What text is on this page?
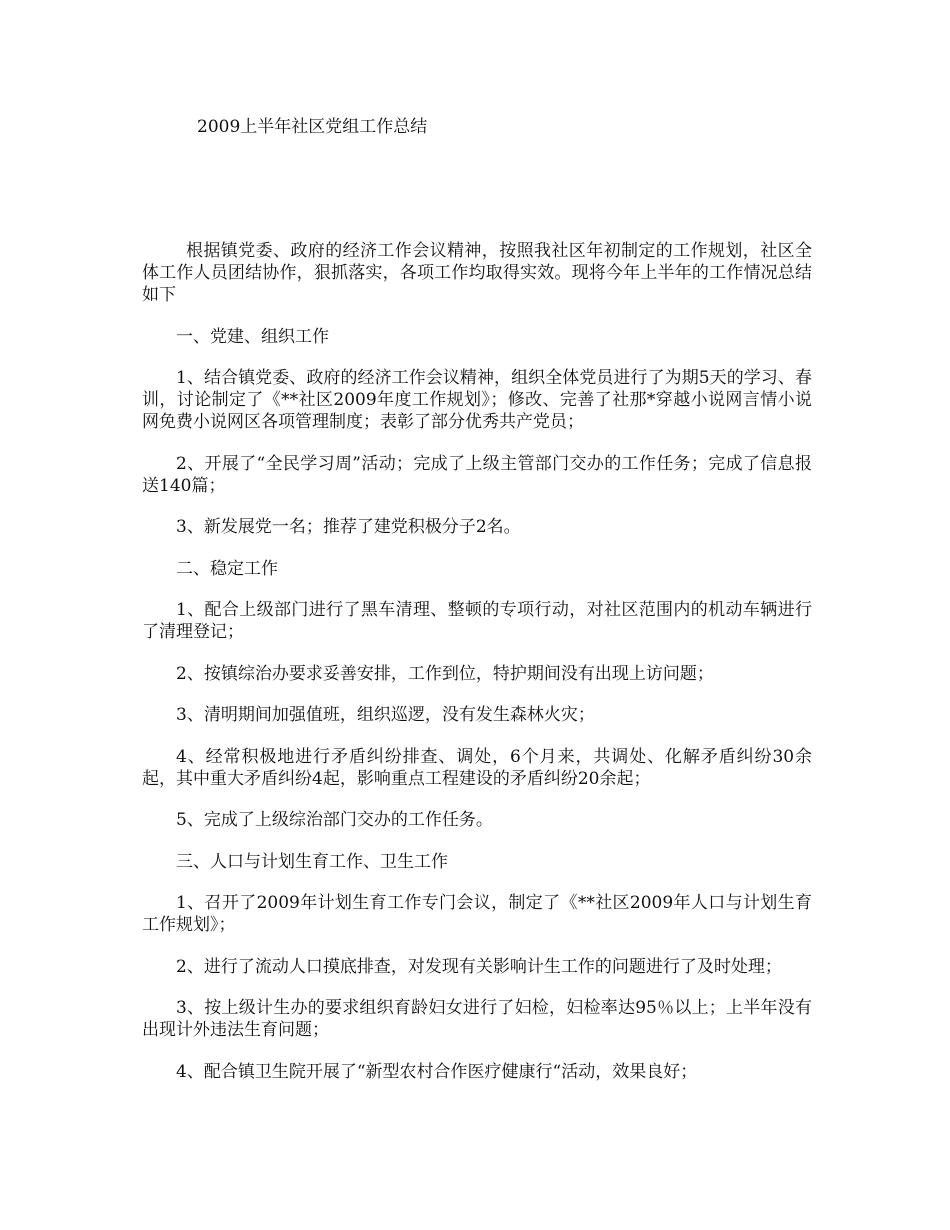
2009上半年社区党组工作总结

根据镇党委、政府的经济工作会议精神，按照我社区年初制定的工作规划，社区全体工作人员团结协作，狠抓落实，各项工作均取得实效。现将今年上半年的工作情况总结如下

一、党建、组织工作

1、结合镇党委、政府的经济工作会议精神，组织全体党员进行了为期5天的学习、春训，讨论制定了《**社区2009年度工作规划》；修改、完善了社那*穿越小说网言情小说网免费小说网区各项管理制度；表彰了部分优秀共产党员；

2、开展了“全民学习周”活动；完成了上级主管部门交办的工作任务；完成了信息报送140篇；

3、新发展党一名；推荐了建党积极分子2名。

二、稳定工作

1、配合上级部门进行了黑车清理、整顿的专项行动，对社区范围内的机动车辆进行了清理登记；

2、按镇综治办要求妥善安排，工作到位，特护期间没有出现上访问题；

3、清明期间加强值班，组织巡逻，没有发生森林火灾；

4、经常积极地进行矛盾纠纷排查、调处，6个月来，共调处、化解矛盾纠纷30余起，其中重大矛盾纠纷4起，影响重点工程建设的矛盾纠纷20余起；

5、完成了上级综治部门交办的工作任务。

三、人口与计划生育工作、卫生工作

1、召开了2009年计划生育工作专门会议，制定了《**社区2009年人口与计划生育工作规划》；

2、进行了流动人口摸底排查，对发现有关影响计生工作的问题进行了及时处理；

3、按上级计生办的要求组织育龄妇女进行了妇检，妇检率达95％以上；上半年没有出现计外违法生育问题；

4、配合镇卫生院开展了“新型农村合作医疗健康行“活动，效果良好；
